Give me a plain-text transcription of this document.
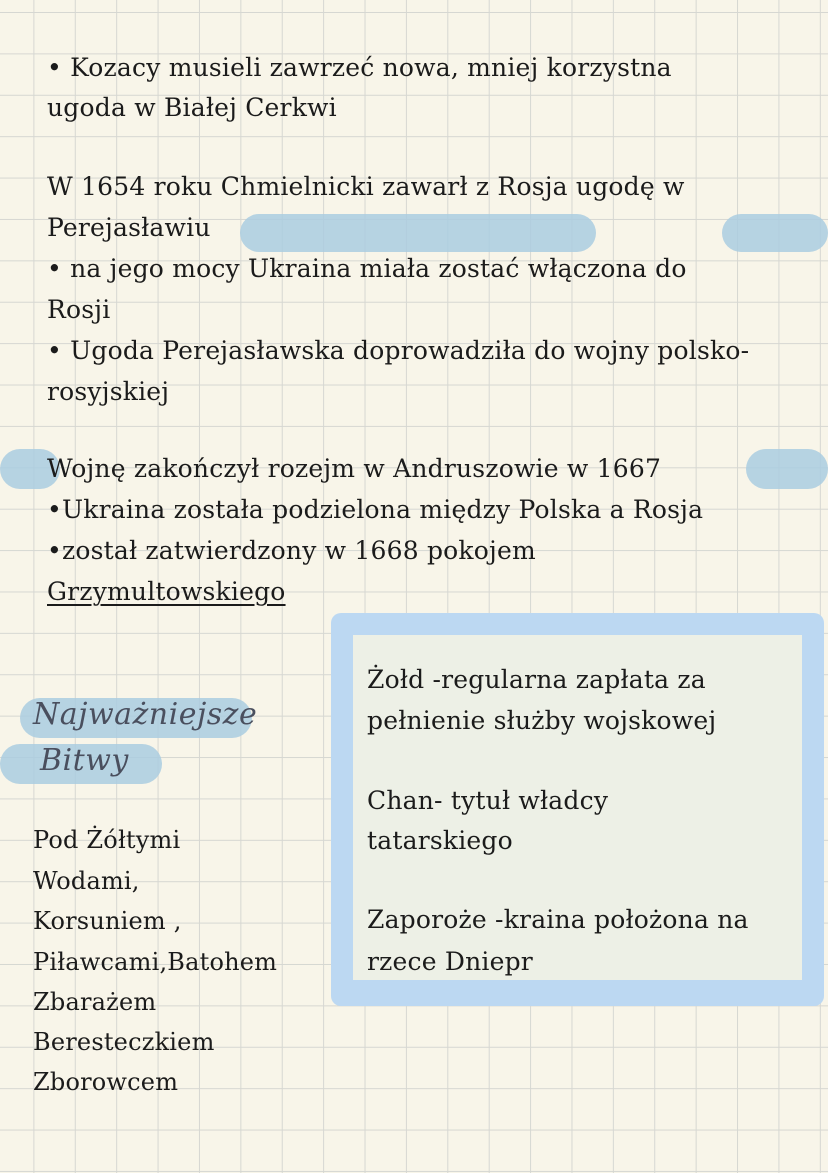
• Kozacy musieli zawrzeć nowa, mniej korzystna
ugoda w Białej Cerkwi
W 1654 roku Chmielnicki zawarł z Rosja ugodę w
Perejasławiu
• na jego mocy Ukraina miała zostać włączona do
Rosji
• Ugoda Perejasławska doprowadziła do wojny polsko-
rosyjskiej
Wojnę zakończył rozejm w Andruszowie w 1667
•Ukraina została podzielona między Polska a Rosja
•został zatwierdzony w 1668 pokojem
Grzymultowskiego
Najważniejsze
Bitwy
Pod Żółtymi
Wodami,
Korsuniem ,
Piławcami,Batohem
Zbarażem
Beresteczkiem
Zborowcem
Żołd -regularna zapłata za
pełnienie służby wojskowej
Chan- tytuł władcy
tatarskiego
Zaporoże -kraina położona na
rzece Dniepr
